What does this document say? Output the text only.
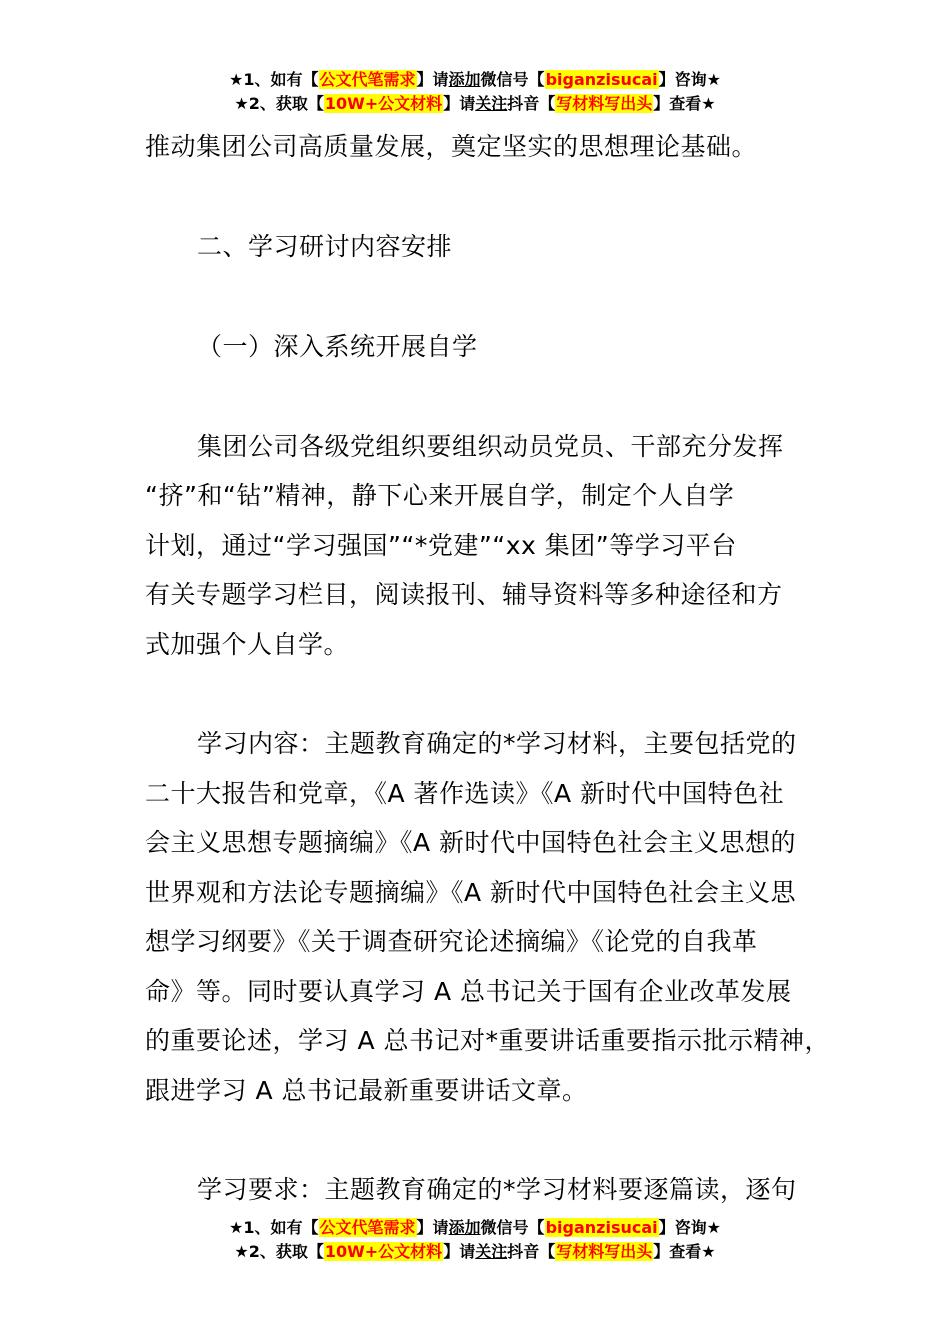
★1、如有【公文代笔需求】请添加微信号【biganzisucai】咨询★
★2、获取【10W+公文材料】请关注抖音【写材料写出头】查看★

推动集团公司高质量发展，奠定坚实的思想理论基础。

二、学习研讨内容安排

（一）深入系统开展自学

集团公司各级党组织要组织动员党员、干部充分发挥
“挤”和“钻”精神，静下心来开展自学，制定个人自学
计划，通过“学习强国”“*党建”“xx 集团”等学习平台
有关专题学习栏目，阅读报刊、辅导资料等多种途径和方
式加强个人自学。

学习内容：主题教育确定的*学习材料，主要包括党的
二十大报告和党章，《A 著作选读》《A 新时代中国特色社
会主义思想专题摘编》《A 新时代中国特色社会主义思想的
世界观和方法论专题摘编》《A 新时代中国特色社会主义思
想学习纲要》《关于调查研究论述摘编》《论党的自我革
命》等。同时要认真学习 A 总书记关于国有企业改革发展
的重要论述，学习 A 总书记对*重要讲话重要指示批示精神，
跟进学习 A 总书记最新重要讲话文章。

学习要求：主题教育确定的*学习材料要逐篇读，逐句

★1、如有【公文代笔需求】请添加微信号【biganzisucai】咨询★
★2、获取【10W+公文材料】请关注抖音【写材料写出头】查看★
